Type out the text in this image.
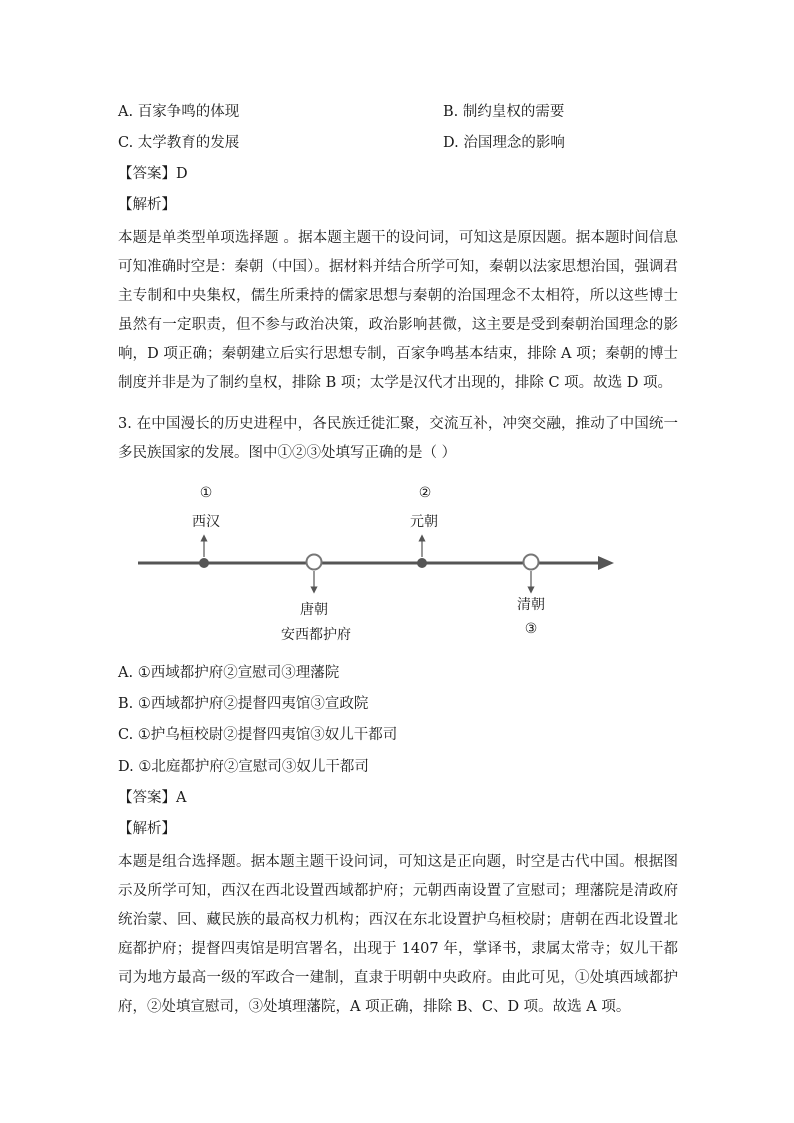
A. 百家争鸣的体现	B. 制约皇权的需要
C. 太学教育的发展	D. 治国理念的影响
【答案】D
【解析】
本题是单类型单项选择题 。据本题主题干的设问词，可知这是原因题。据本题时间信息可知准确时空是：秦朝（中国）。据材料并结合所学可知，秦朝以法家思想治国，强调君主专制和中央集权，儒生所秉持的儒家思想与秦朝的治国理念不太相符，所以这些博士虽然有一定职责，但不参与政治决策，政治影响甚微，这主要是受到秦朝治国理念的影响，D 项正确；秦朝建立后实行思想专制，百家争鸣基本结束，排除 A 项；秦朝的博士制度并非是为了制约皇权，排除 B 项；太学是汉代才出现的，排除 C 项。故选 D 项。
3. 在中国漫长的历史进程中，各民族迁徙汇聚，交流互补，冲突交融，推动了中国统一多民族国家的发展。图中①②③处填写正确的是（ ）
①
西汉
唐朝
安西都护府
②
元朝
清朝
③
A. ①西域都护府②宣慰司③理藩院
B. ①西域都护府②提督四夷馆③宣政院
C. ①护乌桓校尉②提督四夷馆③奴儿干都司
D. ①北庭都护府②宣慰司③奴儿干都司
【答案】A
【解析】
本题是组合选择题。据本题主题干设问词，可知这是正向题，时空是古代中国。根据图示及所学可知，西汉在西北设置西域都护府；元朝西南设置了宣慰司；理藩院是清政府统治蒙、回、藏民族的最高权力机构；西汉在东北设置护乌桓校尉；唐朝在西北设置北庭都护府；提督四夷馆是明宫署名，出现于 1407 年，掌译书，隶属太常寺；奴儿干都司为地方最高一级的军政合一建制，直隶于明朝中央政府。由此可见，①处填西域都护府，②处填宣慰司，③处填理藩院，A 项正确，排除 B、C、D 项。故选 A 项。
